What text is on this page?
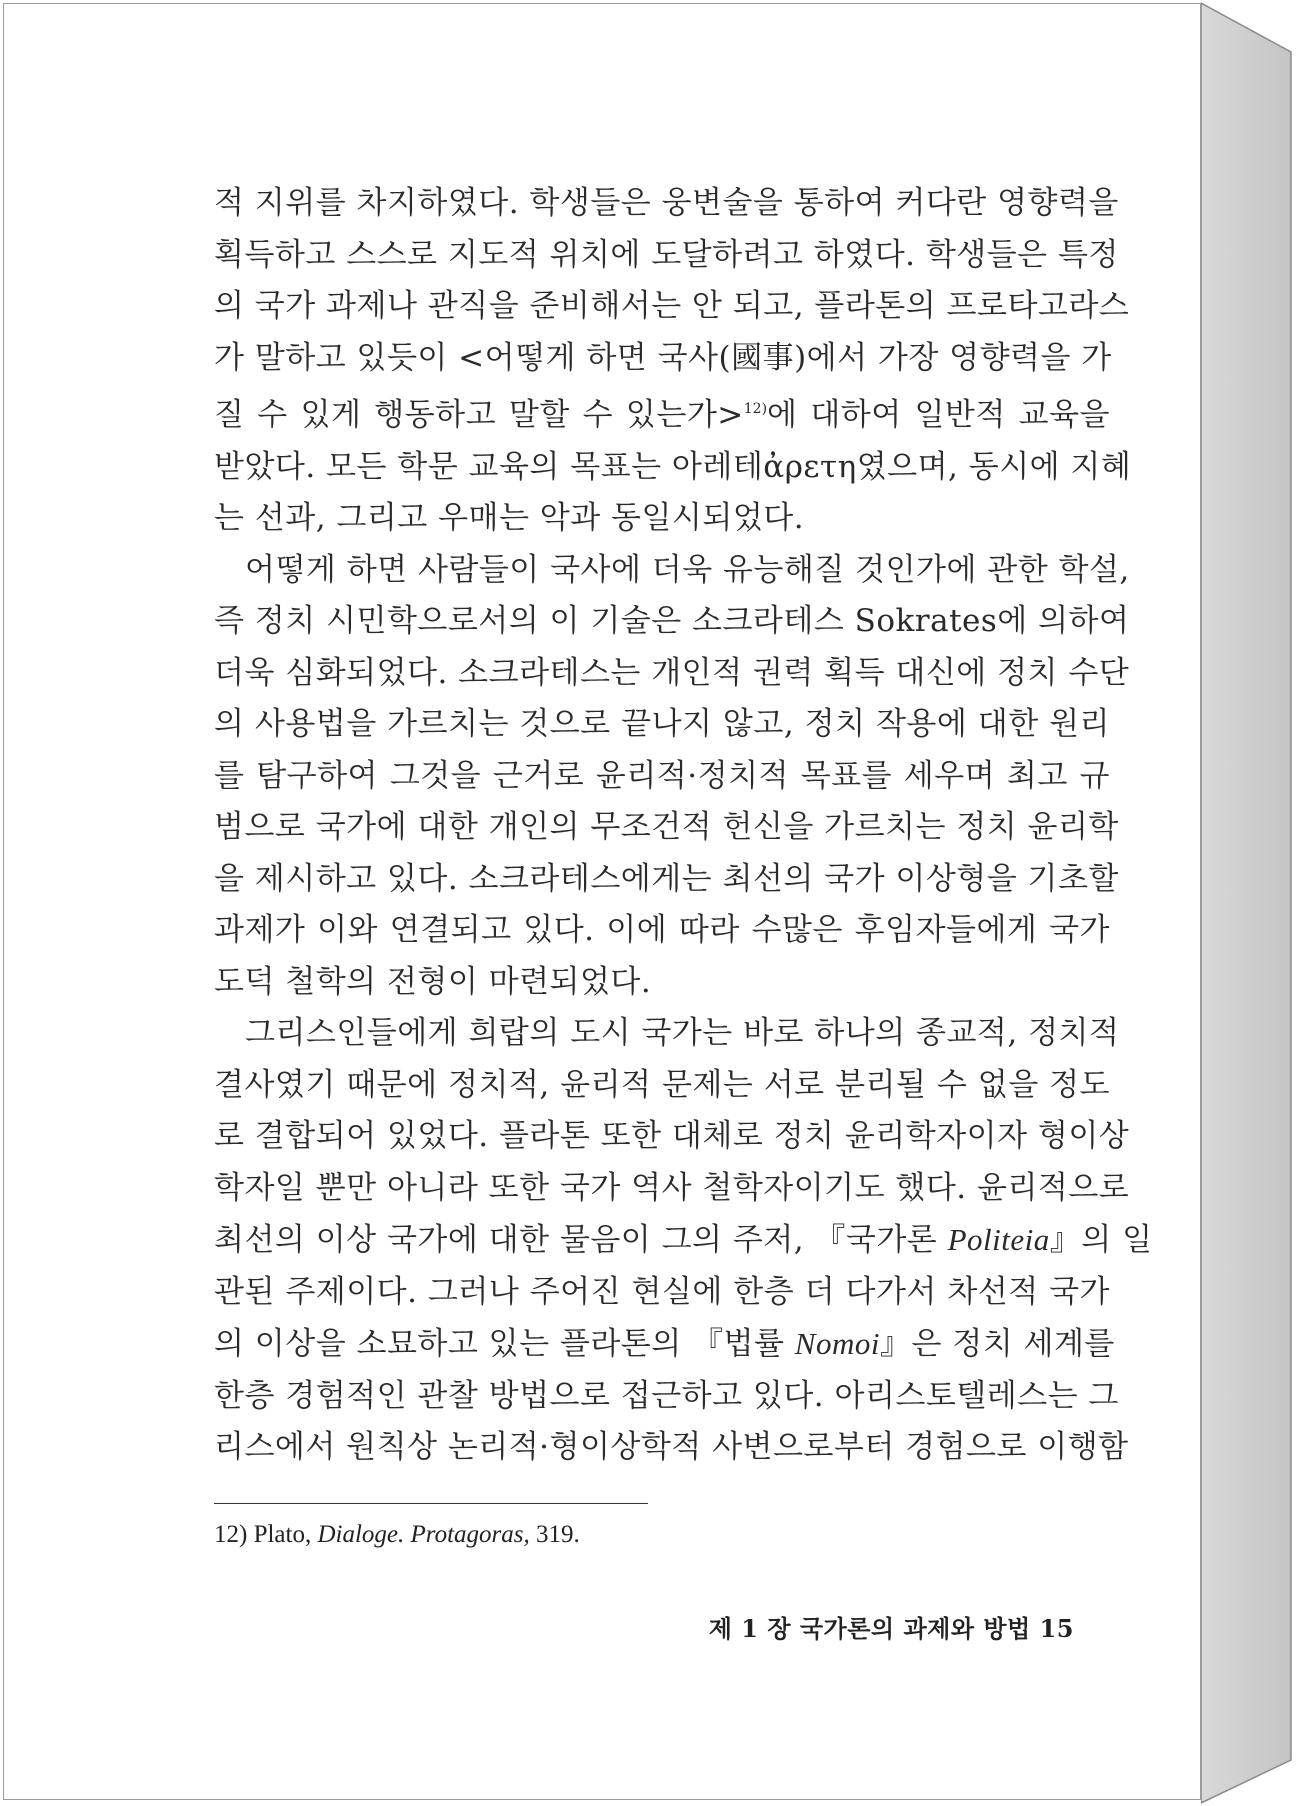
적 지위를 차지하였다. 학생들은 웅변술을 통하여 커다란 영향력을
획득하고 스스로 지도적 위치에 도달하려고 하였다. 학생들은 특정
의 국가 과제나 관직을 준비해서는 안 되고, 플라톤의 프로타고라스
가 말하고 있듯이 <어떻게 하면 국사(國事)에서 가장 영향력을 가
질 수 있게 행동하고 말할 수 있는가>$^{12)}$에 대하여 일반적 교육을
받았다. 모든 학문 교육의 목표는 아레테ἀρετη였으며, 동시에 지혜
는 선과, 그리고 우매는 악과 동일시되었다.

어떻게 하면 사람들이 국사에 더욱 유능해질 것인가에 관한 학설,
즉 정치 시민학으로서의 이 기술은 소크라테스 Sokrates에 의하여
더욱 심화되었다. 소크라테스는 개인적 권력 획득 대신에 정치 수단
의 사용법을 가르치는 것으로 끝나지 않고, 정치 작용에 대한 원리
를 탐구하여 그것을 근거로 윤리적·정치적 목표를 세우며 최고 규
범으로 국가에 대한 개인의 무조건적 헌신을 가르치는 정치 윤리학
을 제시하고 있다. 소크라테스에게는 최선의 국가 이상형을 기초할
과제가 이와 연결되고 있다. 이에 따라 수많은 후임자들에게 국가
도덕 철학의 전형이 마련되었다.

그리스인들에게 희랍의 도시 국가는 바로 하나의 종교적, 정치적
결사였기 때문에 정치적, 윤리적 문제는 서로 분리될 수 없을 정도
로 결합되어 있었다. 플라톤 또한 대체로 정치 윤리학자이자 형이상
학자일 뿐만 아니라 또한 국가 역사 철학자이기도 했다. 윤리적으로
최선의 이상 국가에 대한 물음이 그의 주저, 『국가론 Politeia』의 일
관된 주제이다. 그러나 주어진 현실에 한층 더 다가서 차선적 국가
의 이상을 소묘하고 있는 플라톤의 『법률 Nomoi』은 정치 세계를
한층 경험적인 관찰 방법으로 접근하고 있다. 아리스토텔레스는 그
리스에서 원칙상 논리적·형이상학적 사변으로부터 경험으로 이행함

12) Plato, Dialoge. Protagoras, 319.
제 1 장 국가론의 과제와 방법 15
